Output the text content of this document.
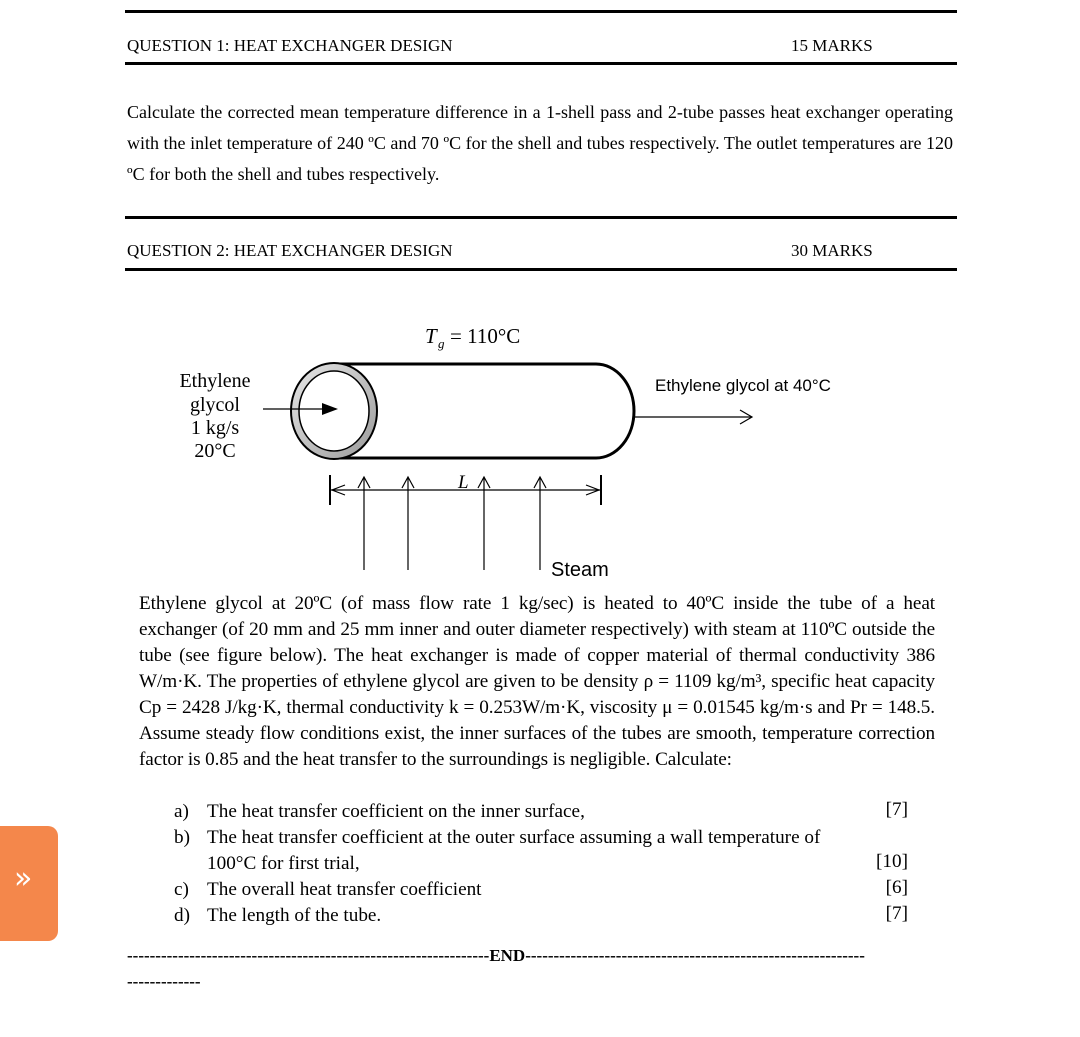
QUESTION 1: HEAT EXCHANGER DESIGN	15 MARKS
Calculate the corrected mean temperature difference in a 1-shell pass and 2-tube passes heat exchanger operating with the inlet temperature of 240 ºC and 70 ºC for the shell and tubes respectively. The outlet temperatures are 120 ºC for both the shell and tubes respectively.
QUESTION 2: HEAT EXCHANGER DESIGN	30 MARKS
T g = 110°C
Ethylene
glycol
1 kg/s
20°C
Ethylene glycol at 40°C
L
Steam
Ethylene glycol at 20ºC (of mass flow rate 1 kg/sec) is heated to 40ºC inside the tube of a heat exchanger (of 20 mm and 25 mm inner and outer diameter respectively) with steam at 110ºC outside the tube (see figure below). The heat exchanger is made of copper material of thermal conductivity 386 W/m·K. The properties of ethylene glycol are given to be density ρ = 1109 kg/m³, specific heat capacity Cp = 2428 J/kg·K, thermal conductivity k = 0.253W/m·K, viscosity μ = 0.01545 kg/m·s and Pr = 148.5. Assume steady flow conditions exist, the inner surfaces of the tubes are smooth, temperature correction factor is 0.85 and the heat transfer to the surroundings is negligible. Calculate:
a) The heat transfer coefficient on the inner surface,	[7]
b) The heat transfer coefficient at the outer surface assuming a wall temperature of
100°C for first trial,	[10]
c) The overall heat transfer coefficient	[6]
d) The length of the tube.	[7]
----------------------------------------------------------------END------------------------------------------------------------
-------------
»
